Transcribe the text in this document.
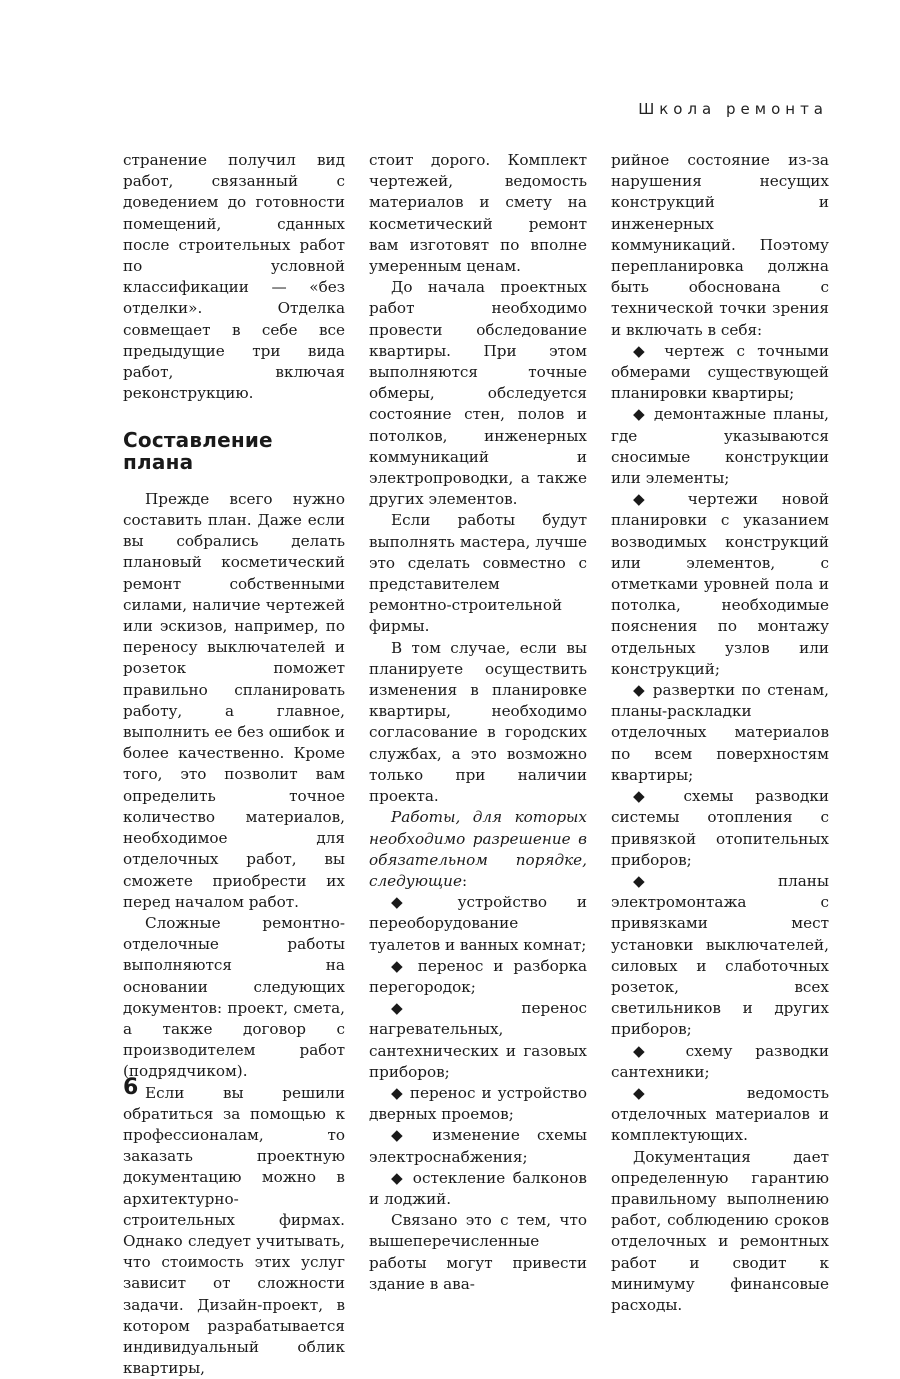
Школа ремонта

странение получил вид работ, связанный с доведением до готовности помещений, сданных после строительных работ по условной классификации — «без отделки». Отделка совмещает в себе все предыдущие три вида работ, включая реконструкцию.

Составление плана

Прежде всего нужно составить план. Даже если вы собрались делать плановый косметический ремонт собственными силами, наличие чертежей или эскизов, например, по переносу выключателей и розеток поможет правильно спланировать работу, а главное, выполнить ее без ошибок и более качественно. Кроме того, это позволит вам определить точное количество материалов, необходимое для отделочных работ, вы сможете приобрести их перед началом работ.

Сложные ремонтно-отделочные работы выполняются на основании следующих документов: проект, смета, а также договор с производителем работ (подрядчиком).

Если вы решили обратиться за помощью к профессионалам, то заказать проектную документацию можно в архитектурно-строительных фирмах. Однако следует учитывать, что стоимость этих услуг зависит от сложности задачи. Дизайн-проект, в котором разрабатывается индивидуальный облик квартиры,

стоит дорого. Комплект чертежей, ведомость материалов и смету на косметический ремонт вам изготовят по вполне умеренным ценам.

До начала проектных работ необходимо провести обследование квартиры. При этом выполняются точные обмеры, обследуется состояние стен, полов и потолков, инженерных коммуникаций и электропроводки, а также других элементов.

Если работы будут выполнять мастера, лучше это сделать совместно с представителем ремонтно-строительной фирмы.

В том случае, если вы планируете осуществить изменения в планировке квартиры, необходимо согласование в городских службах, а это возможно только при наличии проекта.

Работы, для которых необходимо разрешение в обязательном порядке, следующие:

◆ устройство и переоборудование туалетов и ванных комнат;

◆ перенос и разборка перегородок;

◆ перенос нагревательных, сантехнических и газовых приборов;

◆ перенос и устройство дверных проемов;

◆ изменение схемы электроснабжения;

◆ остекление балконов и лоджий.

Связано это с тем, что вышеперечисленные работы могут привести здание в ава-

рийное состояние из-за нарушения несущих конструкций и инженерных коммуникаций. Поэтому перепланировка должна быть обоснована с технической точки зрения и включать в себя:

◆ чертеж с точными обмерами существующей планировки квартиры;

◆ демонтажные планы, где указываются сносимые конструкции или элементы;

◆ чертежи новой планировки с указанием возводимых конструкций или элементов, с отметками уровней пола и потолка, необходимые пояснения по монтажу отдельных узлов или конструкций;

◆ развертки по стенам, планы-раскладки отделочных материалов по всем поверхностям квартиры;

◆ схемы разводки системы отопления с привязкой отопительных приборов;

◆ планы электромонтажа с привязками мест установки выключателей, силовых и слаботочных розеток, всех светильников и других приборов;

◆ схему разводки сантехники;

◆ ведомость отделочных материалов и комплектующих.

Документация дает определенную гарантию правильному выполнению работ, соблюдению сроков отделочных и ремонтных работ и сводит к минимуму финансовые расходы.

6
